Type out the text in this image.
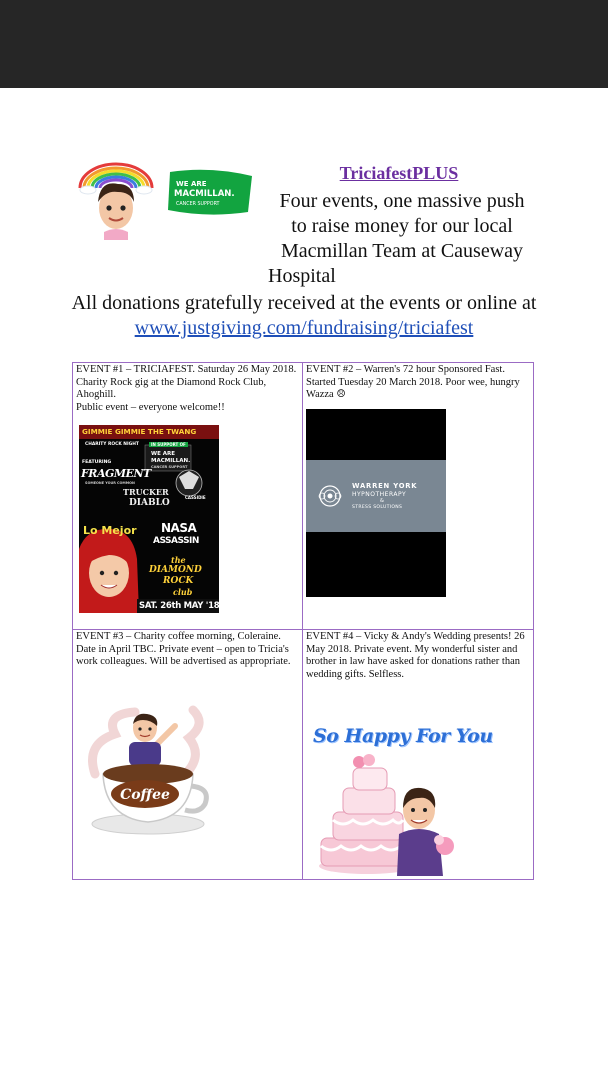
WE ARE
MACMILLAN.
CANCER SUPPORT
TriciafestPLUS
Four events, one massive push
to raise money for our local
Macmillan Team at Causeway
Hospital
All donations gratefully received at the events or online at www.justgiving.com/fundraising/triciafest
EVENT #1 – TRICIAFEST. Saturday 26 May 2018. Charity Rock gig at the Diamond Rock Club, Ahoghill.
Public event – everyone welcome!!
GIMMIE GIMMIE THE TWANG
CHARITY ROCK NIGHT	IN SUPPORT OF
WE ARE
MACMILLAN.
CANCER SUPPORT
FEATURING
FRAGMENT
SOMEONE YOUR COMMON
CASSIDIE
TRUCKER
DIABLO
Lo Mejor NASA
ASSASSIN
the
DIAMOND
ROCK
club
SAT. 26th MAY '18
EVENT #2 – Warren's 72 hour Sponsored Fast. Started Tuesday 20 March 2018. Poor wee, hungry Wazza ☹
WARREN YORK
HYPNOTHERAPY
&
STRESS SOLUTIONS
EVENT #3 – Charity coffee morning, Coleraine. Date in April TBC. Private event – open to Tricia's work colleagues. Will be advertised as appropriate.
Coffee
EVENT #4 – Vicky & Andy's Wedding presents! 26 May 2018. Private event. My wonderful sister and brother in law have asked for donations rather than wedding gifts. Selfless.
So Happy For You
